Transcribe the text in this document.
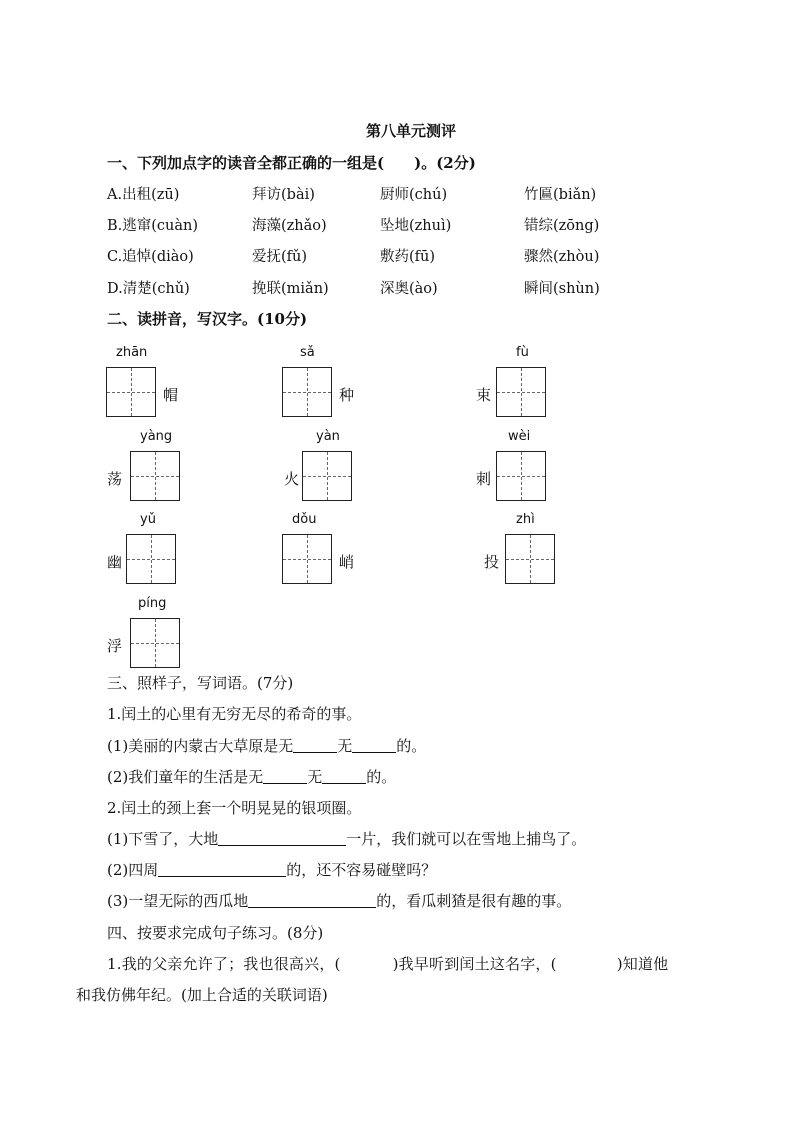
第八单元测评
一、下列加点字的读音全都正确的一组是(　　)。(2分)
A.出租(zū)	拜访(bài)	厨师(chú)	竹匾(biǎn)
B.逃窜(cuàn)	海藻(zhǎo)	坠地(zhuì)	错综(zōng)
C.追悼(diào)	爱抚(fǔ)	敷药(fū)	骤然(zhòu)
D.清楚(chǔ)	挽联(miǎn)	深奥(ào)	瞬间(shùn)
二、读拼音，写汉字。(10分)
zhān
帽
sǎ
种
fù
束
yàng
荡
yàn
火
wèi
刺
yǔ
幽
dǒu
峭
zhì
投
píng
浮
三、照样子，写词语。(7分)
1.闰土的心里有无穷无尽的希奇的事。
(1)美丽的内蒙古大草原是无	无	的。
(2)我们童年的生活是无	无	的。
2.闰土的颈上套一个明晃晃的银项圈。
(1)下雪了，大地	一片，我们就可以在雪地上捕鸟了。
(2)四周	的，还不容易碰壁吗？
(3)一望无际的西瓜地	的，看瓜刺猹是很有趣的事。
四、按要求完成句子练习。(8分)
1.我的父亲允许了；我也很高兴，(	)我早听到闰土这名字，(	)知道他
和我仿佛年纪。(加上合适的关联词语)
